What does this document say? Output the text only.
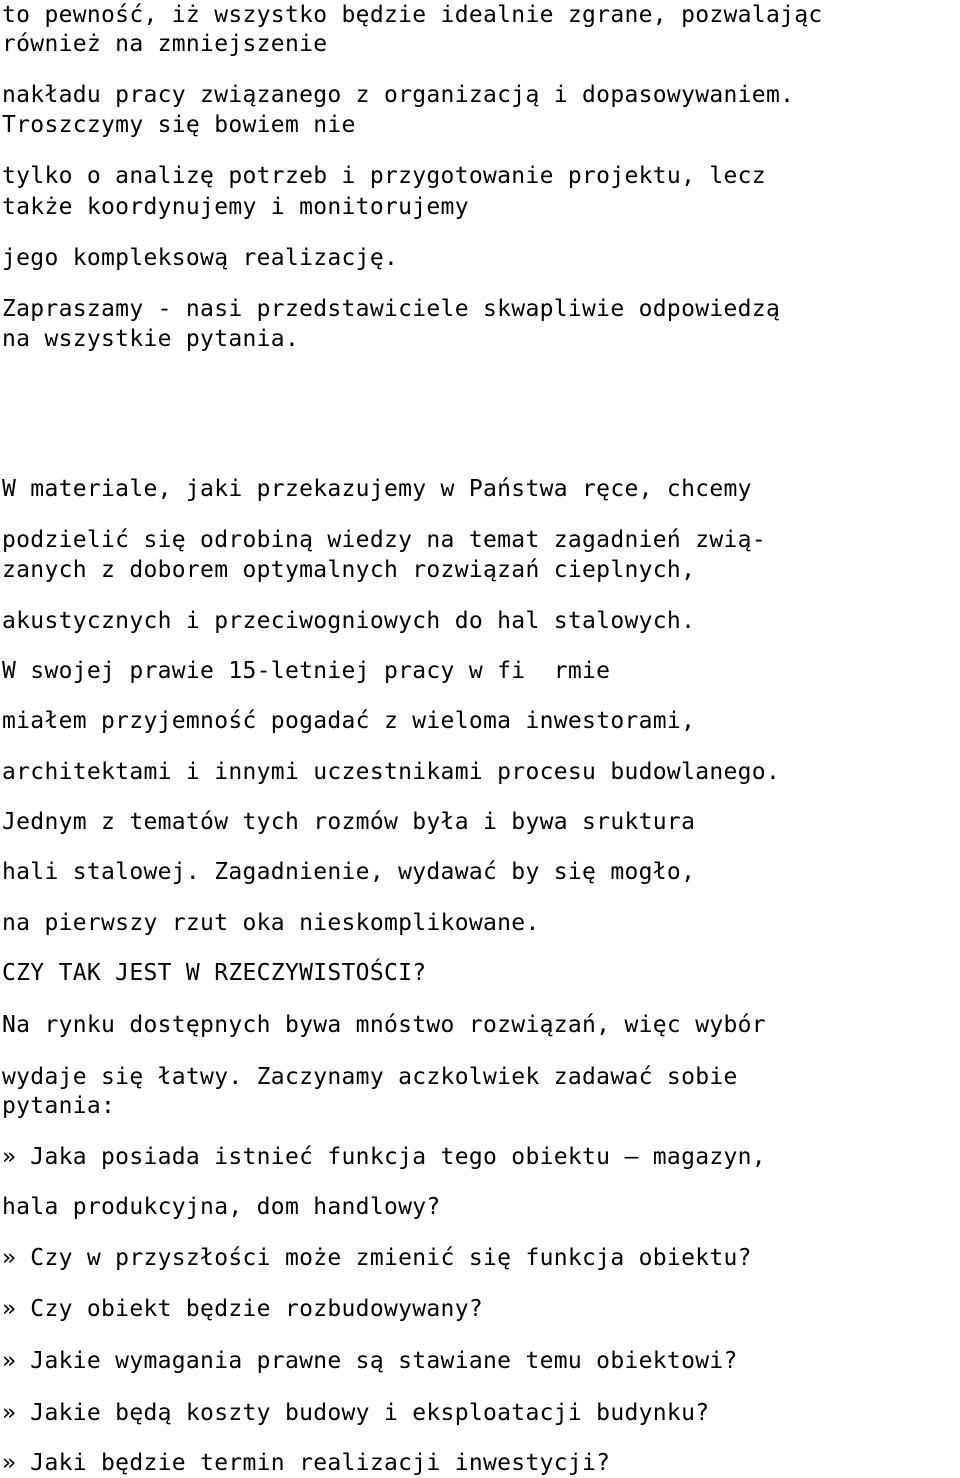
to pewność, iż wszystko będzie idealnie zgrane, pozwalając
również na zmniejszenie
nakładu pracy związanego z organizacją i dopasowywaniem.
Troszczymy się bowiem nie
tylko o analizę potrzeb i przygotowanie projektu, lecz
także koordynujemy i monitorujemy
jego kompleksową realizację.
Zapraszamy - nasi przedstawiciele skwapliwie odpowiedzą
na wszystkie pytania.
W materiale, jaki przekazujemy w Państwa ręce, chcemy
podzielić się odrobiną wiedzy na temat zagadnień zwią-
zanych z doborem optymalnych rozwiązań cieplnych,
akustycznych i przeciwogniowych do hal stalowych.
W swojej prawie 15-letniej pracy w fi  rmie
miałem przyjemność pogadać z wieloma inwestorami,
architektami i innymi uczestnikami procesu budowlanego.
Jednym z tematów tych rozmów była i bywa sruktura
hali stalowej. Zagadnienie, wydawać by się mogło,
na pierwszy rzut oka nieskomplikowane.
CZY TAK JEST W RZECZYWISTOŚCI?
Na rynku dostępnych bywa mnóstwo rozwiązań, więc wybór
wydaje się łatwy. Zaczynamy aczkolwiek zadawać sobie
pytania:
» Jaka posiada istnieć funkcja tego obiektu – magazyn,
hala produkcyjna, dom handlowy?
» Czy w przyszłości może zmienić się funkcja obiektu?
» Czy obiekt będzie rozbudowywany?
» Jakie wymagania prawne są stawiane temu obiektowi?
» Jakie będą koszty budowy i eksploatacji budynku?
» Jaki będzie termin realizacji inwestycji?
